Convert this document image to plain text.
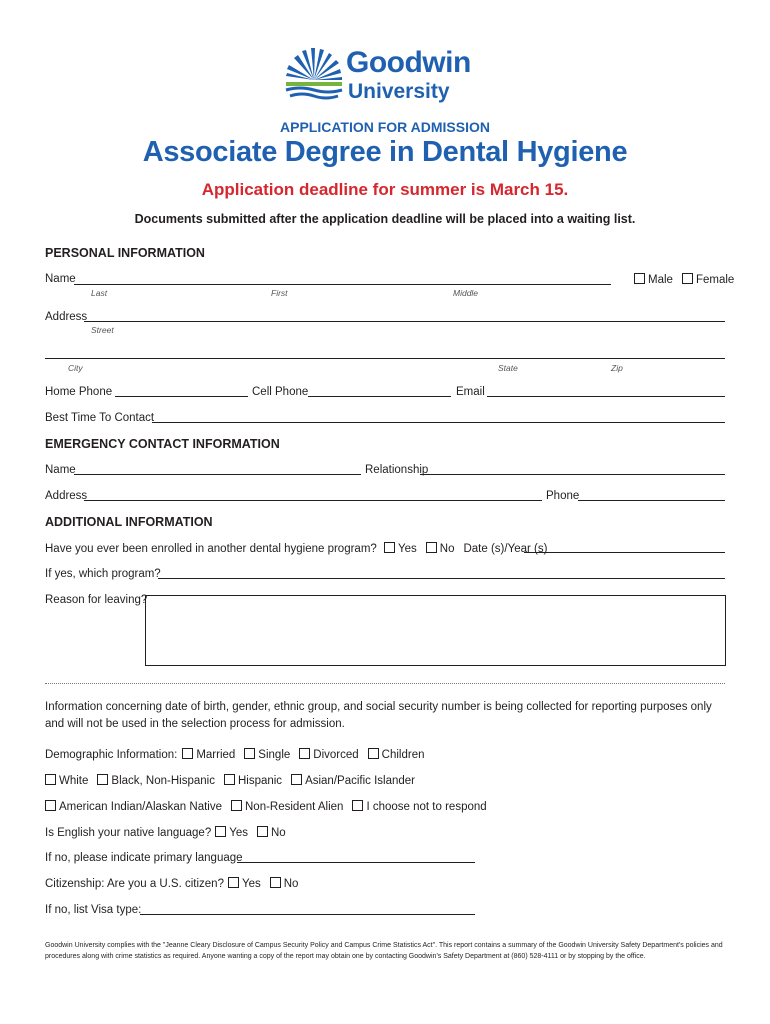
Goodwin
University
APPLICATION FOR ADMISSION
Associate Degree in Dental Hygiene
Application deadline for summer is March 15.
Documents submitted after the application deadline will be placed into a waiting list.
PERSONAL INFORMATION
Name
Last	First	Middle
Male Female
Address
Street
City	State	Zip
Home Phone	Cell Phone	Email
Best Time To Contact
EMERGENCY CONTACT INFORMATION
Name	Relationship
Address	Phone
ADDITIONAL INFORMATION
Have you ever been enrolled in another dental hygiene program? Yes No Date (s)/Year (s)
If yes, which program?
Reason for leaving?
Information concerning date of birth, gender, ethnic group, and social security number is being collected for reporting purposes only and will not be used in the selection process for admission.
Demographic Information: Married Single Divorced Children
White Black, Non-Hispanic Hispanic Asian/Pacific Islander
American Indian/Alaskan Native Non-Resident Alien I choose not to respond
Is English your native language? Yes No
If no, please indicate primary language
Citizenship: Are you a U.S. citizen? Yes No
If no, list Visa type:
Goodwin University complies with the "Jeanne Cleary Disclosure of Campus Security Policy and Campus Crime Statistics Act". This report contains a summary of the Goodwin University Safety Department's policies and procedures along with crime statistics as required. Anyone wanting a copy of the report may obtain one by contacting Goodwin's Safety Department at (860) 528-4111 or by stopping by the office.
